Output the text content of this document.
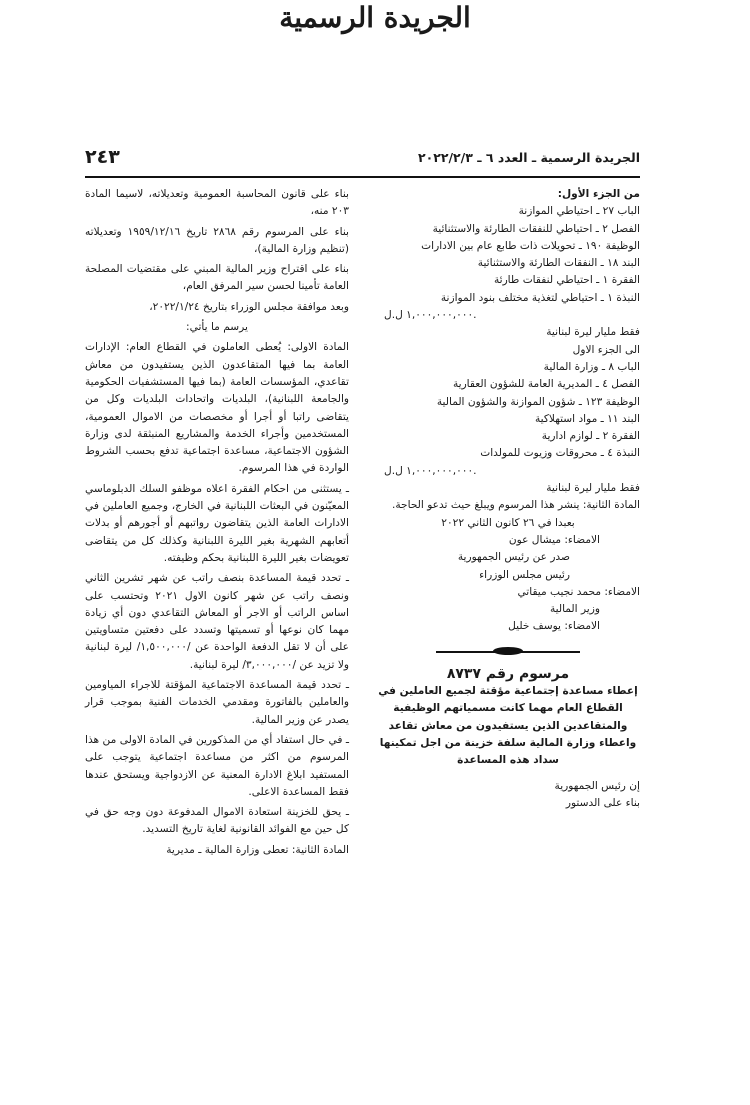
الجريدة الرسمية
الجريدة الرسمية ـ العدد ٦ ـ ٢٠٢٢/٢/٣
٢٤٣

من الجزء الأول:

الباب ٢٧ ـ احتياطي الموازنة

الفصل ٢ ـ احتياطي للنفقات الطارئة والاستثنائية

الوظيفة ١٩٠ ـ تحويلات ذات طابع عام بين الادارات

البند ١٨ ـ النفقات الطارئة والاستثنائية

الفقرة ١ ـ احتياطي لنفقات طارئة

النبذة ١ ـ احتياطي لتغذية مختلف بنود الموازنة

١,٠٠٠,٠٠٠,٠٠٠ ل.ل.

فقط مليار ليرة لبنانية

الى الجزء الاول

الباب ٨ ـ وزارة المالية

الفصل ٤ ـ المديرية العامة للشؤون العقارية

الوظيفة ١٢٣ ـ شؤون الموازنة والشؤون المالية

البند ١١ ـ مواد استهلاكية

الفقرة ٢ ـ لوازم ادارية

النبذة ٤ ـ محروقات وزيوت للمولدات

١,٠٠٠,٠٠٠,٠٠٠ ل.ل.

فقط مليار ليرة لبنانية

المادة الثانية: ينشر هذا المرسوم ويبلغ حيث تدعو الحاجة.

بعبدا في ٢٦ كانون الثاني ٢٠٢٢

الامضاء: ميشال عون

صدر عن رئيس الجمهورية

رئيس مجلس الوزراء

الامضاء: محمد نجيب ميقاتي

وزير المالية

الامضاء: يوسف خليل

مرسوم رقم ٨٧٣٧

إعطاء مساعدة إجتماعية مؤقتة لجميع العاملين في القطاع العام مهما كانت مسمياتهم الوظيفية والمتقاعدين الذين يستفيدون من معاش تقاعد واعطاء وزارة المالية سلفة خزينة من اجل تمكينها سداد هذه المساعدة

إن رئيس الجمهورية

بناء على الدستور

بناء على قانون المحاسبة العمومية وتعديلاته، لاسيما المادة ٢٠٣ منه،

بناء على المرسوم رقم ٢٨٦٨ تاريخ ١٩٥٩/١٢/١٦ وتعديلاته (تنظيم وزارة المالية)،

بناء على اقتراح وزير المالية المبني على مقتضيات المصلحة العامة تأمينا لحسن سير المرفق العام،

وبعد موافقة مجلس الوزراء بتاريخ ٢٠٢٢/١/٢٤،

يرسم ما يأتي:

المادة الاولى: يُعطى العاملون في القطاع العام: الإدارات العامة بما فيها المتقاعدون الذين يستفيدون من معاش تقاعدي، المؤسسات العامة (بما فيها المستشفيات الحكومية والجامعة اللبنانية)، البلديات واتحادات البلديات وكل من يتقاضى راتبا أو أجرا أو مخصصات من الاموال العمومية، المستخدمين وأجراء الخدمة والمشاريع المنبثقة لدى وزارة الشؤون الاجتماعية، مساعدة اجتماعية تدفع بحسب الشروط الواردة في هذا المرسوم.

ـ يستثنى من احكام الفقرة اعلاه موظفو السلك الدبلوماسي المعيّنون في البعثات اللبنانية في الخارج، وجميع العاملين في الادارات العامة الذين يتقاضون رواتبهم أو أجورهم أو بدلات أتعابهم الشهرية بغير الليرة اللبنانية وكذلك كل من يتقاضى تعويضات بغير الليرة اللبنانية بحكم وظيفته.

ـ تحدد قيمة المساعدة بنصف راتب عن شهر تشرين الثاني ونصف راتب عن شهر كانون الاول ٢٠٢١ وتحتسب على اساس الراتب أو الاجر أو المعاش التقاعدي دون أي زيادة مهما كان نوعها أو تسميتها وتسدد على دفعتين متساويتين على أن لا تقل الدفعة الواحدة عن /١,٥٠٠,٠٠٠/ ليرة لبنانية ولا تزيد عن /٣,٠٠٠,٠٠٠/ ليرة لبنانية.

ـ تحدد قيمة المساعدة الاجتماعية المؤقتة للاجراء المياومين والعاملين بالفاتورة ومقدمي الخدمات الفنية بموجب قرار يصدر عن وزير المالية.

ـ في حال استفاد أي من المذكورين في المادة الاولى من هذا المرسوم من اكثر من مساعدة اجتماعية يتوجب على المستفيد ابلاغ الادارة المعنية عن الازدواجية ويستحق عندها فقط المساعدة الاعلى.

ـ يحق للخزينة استعادة الاموال المدفوعة دون وجه حق في كل حين مع الفوائد القانونية لغاية تاريخ التسديد.

المادة الثانية: تعطى وزارة المالية ـ مديرية
